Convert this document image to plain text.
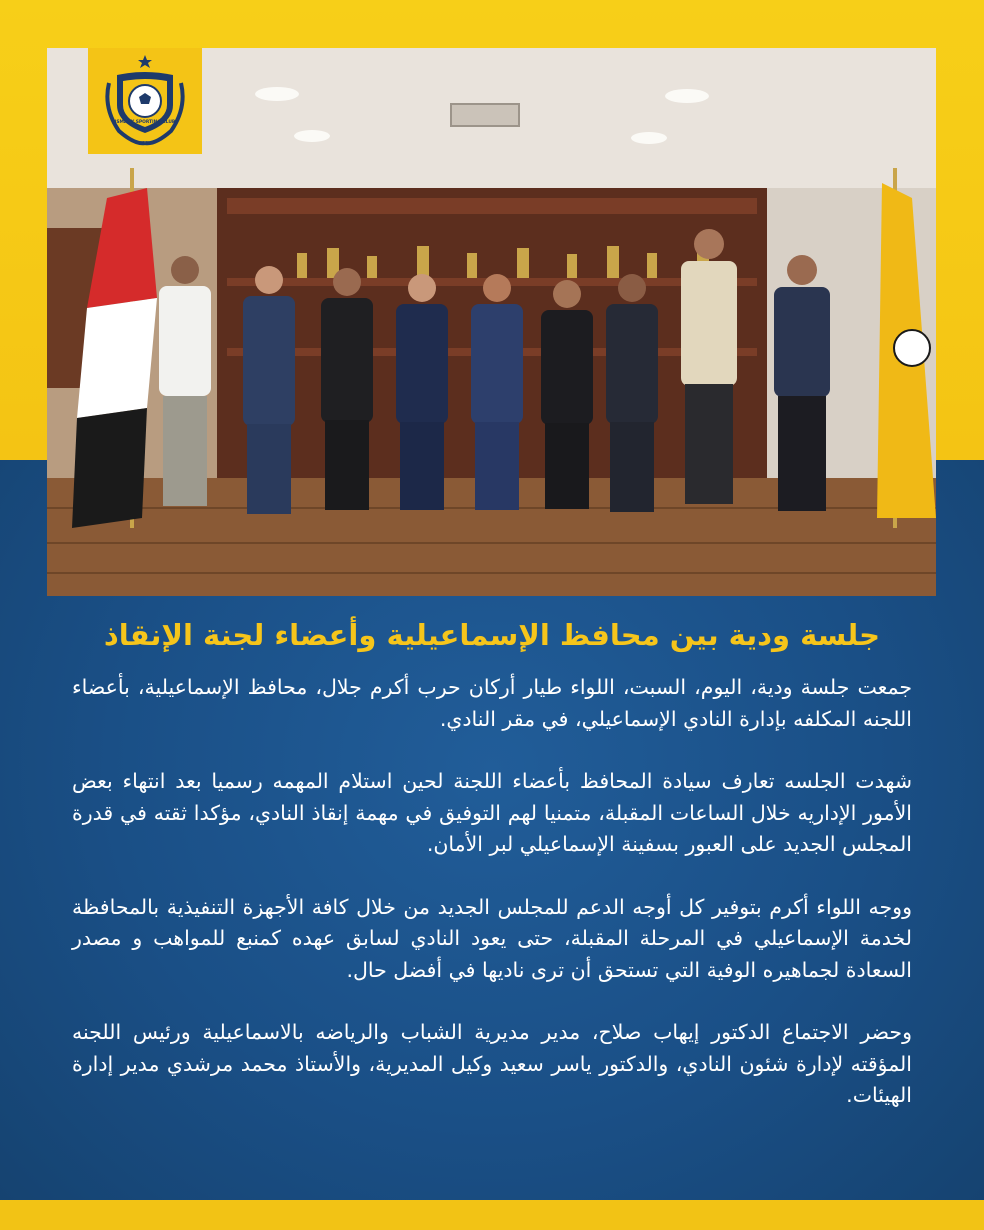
ISMAILY SPORTING CLUB
جلسة ودية بين محافظ الإسماعيلية وأعضاء لجنة الإنقاذ

جمعت جلسة ودية، اليوم، السبت، اللواء طيار أركان حرب أكرم جلال، محافظ الإسماعيلية، بأعضاء اللجنه المكلفه بإدارة النادي الإسماعيلي، في مقر النادي.

شهدت الجلسه تعارف سيادة المحافظ بأعضاء اللجنة لحين استلام المهمه رسميا بعد انتهاء بعض الأمور الإداريه خلال الساعات المقبلة، متمنيا لهم التوفيق في مهمة إنقاذ النادي، مؤكدا ثقته في قدرة المجلس الجديد على العبور بسفينة الإسماعيلي لبر الأمان.

ووجه اللواء أكرم بتوفير كل أوجه الدعم للمجلس الجديد من خلال كافة الأجهزة التنفيذية بالمحافظة لخدمة الإسماعيلي في المرحلة المقبلة، حتى يعود النادي لسابق عهده كمنبع للمواهب و مصدر السعادة لجماهيره الوفية التي تستحق أن ترى ناديها في أفضل حال.

وحضر الاجتماع الدكتور إيهاب صلاح، مدير مديرية الشباب والرياضه بالاسماعيلية ورئيس اللجنه المؤقته لإدارة شئون النادي، والدكتور ياسر سعيد وكيل المديرية، والأستاذ محمد مرشدي مدير إدارة الهيئات.
